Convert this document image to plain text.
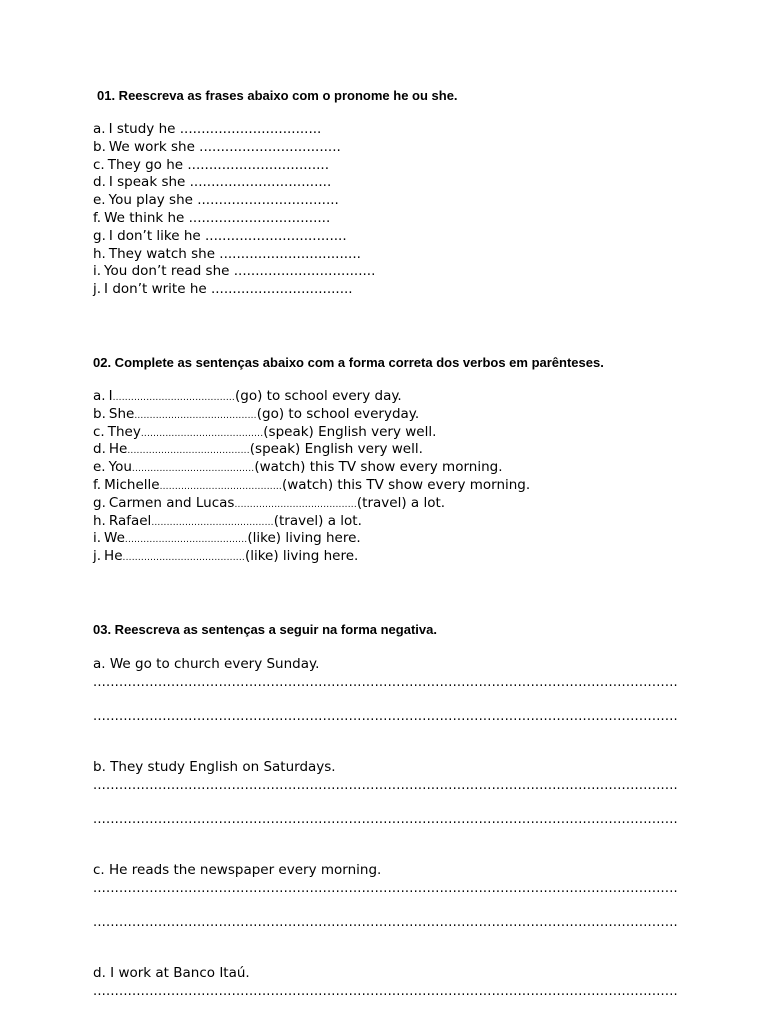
01. Reescreva as frases abaixo com o pronome he ou she.
a. I study he .................................
b. We work she .................................
c. They go he .................................
d. I speak she .................................
e. You play she .................................
f. We think he .................................
g. I don’t like he .................................
h. They watch she .................................
i. You don’t read she .................................
j. I don’t write he .................................
02. Complete as sentenças abaixo com a forma correta dos verbos em parênteses.
a. I........................................(go) to school every day.
b. She........................................(go) to school everyday.
c. They........................................(speak) English very well.
d. He........................................(speak) English very well.
e. You........................................(watch) this TV show every morning.
f. Michelle........................................(watch) this TV show every morning.
g. Carmen and Lucas........................................(travel) a lot.
h. Rafael........................................(travel) a lot.
i. We........................................(like) living here.
j. He........................................(like) living here.
03. Reescreva as sentenças a seguir na forma negativa.
a. We go to church every Sunday.
.......................................................................................................................................
.......................................................................................................................................
b. They study English on Saturdays.
.......................................................................................................................................
.......................................................................................................................................
c. He reads the newspaper every morning.
.......................................................................................................................................
.......................................................................................................................................
d. I work at Banco Itaú.
.......................................................................................................................................
